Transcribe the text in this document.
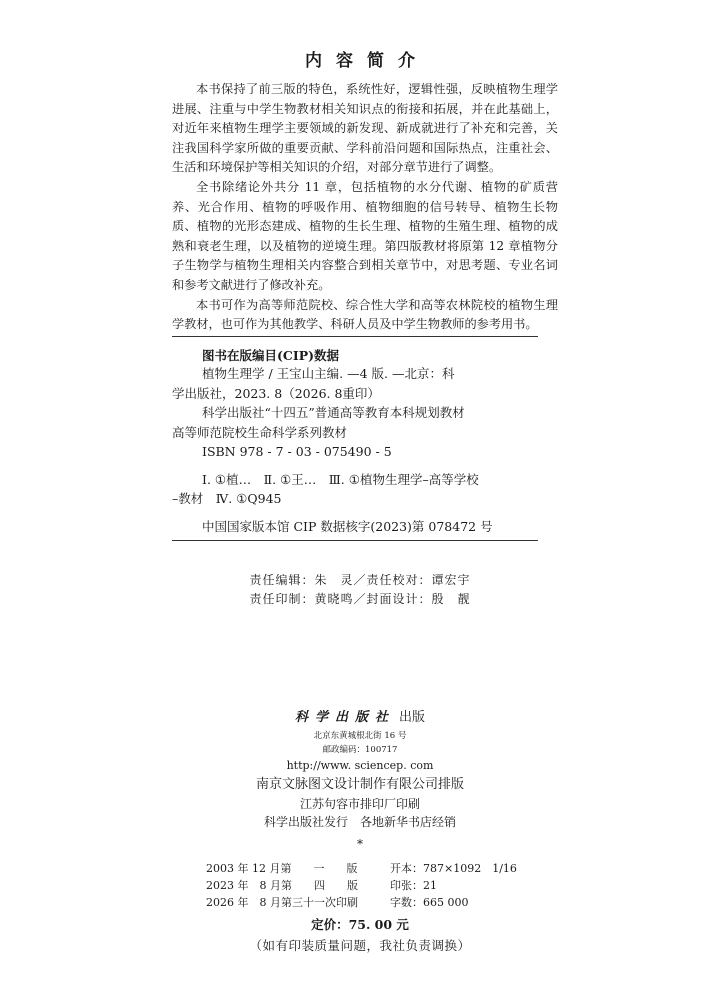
内容简介

本书保持了前三版的特色，系统性好，逻辑性强，反映植物生理学进展、注重与中学生物教材相关知识点的衔接和拓展，并在此基础上，对近年来植物生理学主要领域的新发现、新成就进行了补充和完善，关注我国科学家所做的重要贡献、学科前沿问题和国际热点，注重社会、生活和环境保护等相关知识的介绍，对部分章节进行了调整。

全书除绪论外共分 11 章，包括植物的水分代谢、植物的矿质营养、光合作用、植物的呼吸作用、植物细胞的信号转导、植物生长物质、植物的光形态建成、植物的生长生理、植物的生殖生理、植物的成熟和衰老生理，以及植物的逆境生理。第四版教材将原第 12 章植物分子生物学与植物生理相关内容整合到相关章节中，对思考题、专业名词和参考文献进行了修改补充。

本书可作为高等师范院校、综合性大学和高等农林院校的植物生理学教材，也可作为其他教学、科研人员及中学生物教师的参考用书。

图书在版编目(CIP)数据
植物生理学 / 王宝山主编. —4 版. —北京：科
学出版社，2023. 8（2026. 8重印）
科学出版社“十四五”普通高等教育本科规划教材
高等师范院校生命科学系列教材
ISBN 978 - 7 - 03 - 075490 - 5
Ⅰ. ①植…　Ⅱ. ①王…　Ⅲ. ①植物生理学–高等学校
–教材　Ⅳ. ①Q945
中国国家版本馆 CIP 数据核字(2023)第 078472 号
责任编辑：朱　灵／责任校对：谭宏宇
责任印制：黄晓鸣／封面设计：殷　靓
科学出版社 出版
北京东黄城根北街 16 号
邮政编码：100717
http://www. sciencep. com
南京文脉图文设计制作有限公司排版
江苏句容市排印厂印刷
科学出版社发行　各地新华书店经销
*
2003 年 12 月第　　一　　版	开本：787×1092　1/16
2023 年　8 月第　　四　　版	印张：21
2026 年　8 月第三十一次印刷	字数：665 000
定价：75. 00 元
（如有印装质量问题，我社负责调换）
